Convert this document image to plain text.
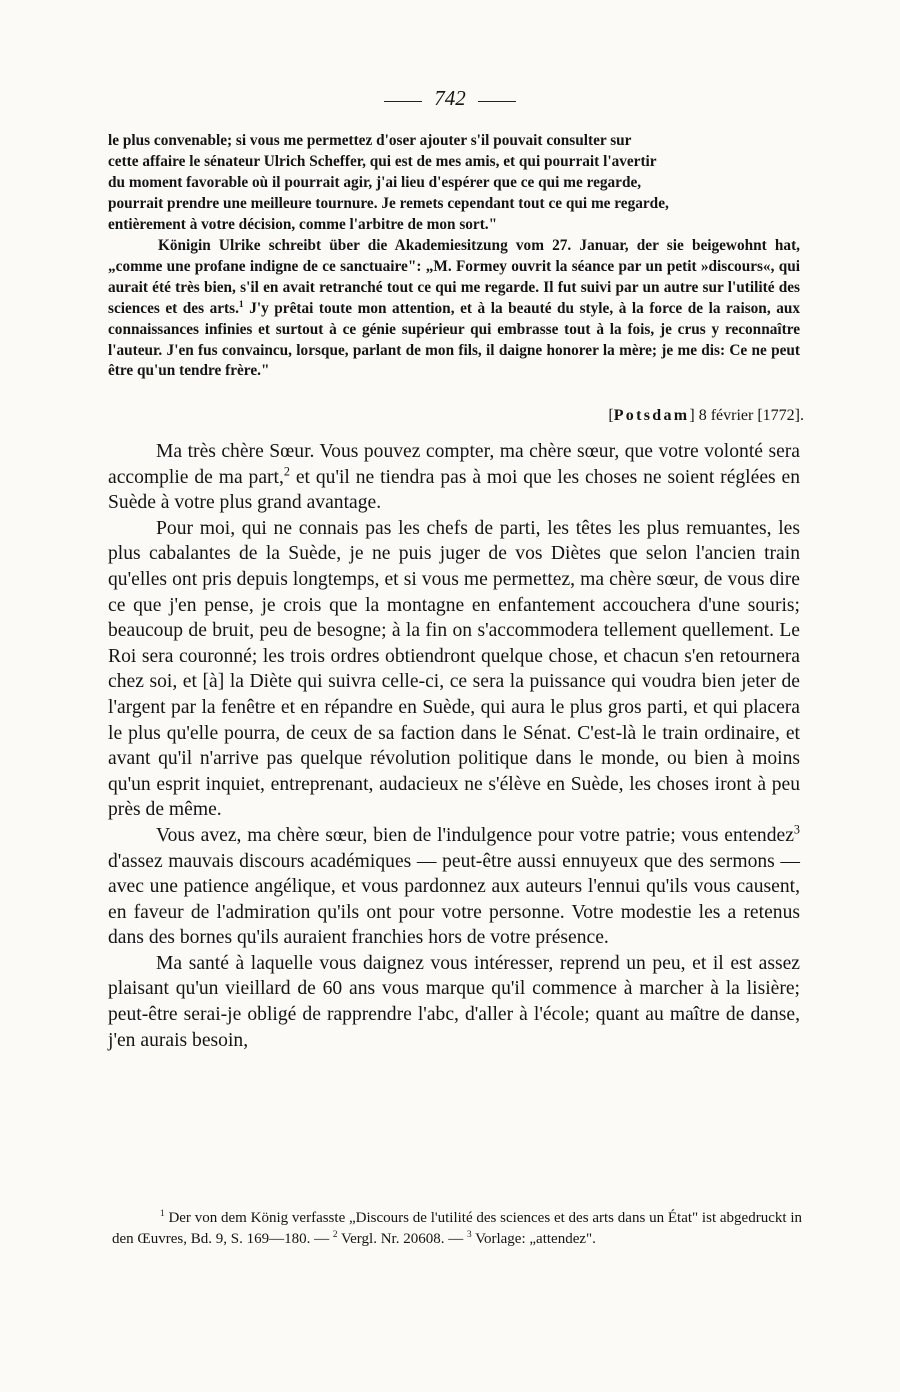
742
le plus convenable; si vous me permettez d'oser ajouter s'il pouvait consulter sur
cette affaire le sénateur Ulrich Scheffer, qui est de mes amis, et qui pourrait l'avertir
du moment favorable où il pourrait agir, j'ai lieu d'espérer que ce qui me regarde,
pourrait prendre une meilleure tournure. Je remets cependant tout ce qui me regarde,
entièrement à votre décision, comme l'arbitre de mon sort."

Königin Ulrike schreibt über die Akademiesitzung vom 27. Januar, der sie beigewohnt hat, „comme une profane indigne de ce sanctuaire": „M. Formey ouvrit la séance par un petit »discours«, qui aurait été très bien, s'il en avait retranché tout ce qui me regarde. Il fut suivi par un autre sur l'utilité des sciences et des arts.$^1$ J'y prêtai toute mon attention, et à la beauté du style, à la force de la raison, aux connaissances infinies et surtout à ce génie supérieur qui embrasse tout à la fois, je crus y reconnaître l'auteur. J'en fus convaincu, lorsque, parlant de mon fils, il daigne honorer la mère; je me dis: Ce ne peut être qu'un tendre frère."

[Potsdam] 8 février [1772].

Ma très chère Sœur. Vous pouvez compter, ma chère sœur, que votre volonté sera accomplie de ma part,$^2$ et qu'il ne tiendra pas à moi que les choses ne soient réglées en Suède à votre plus grand avantage.

Pour moi, qui ne connais pas les chefs de parti, les têtes les plus remuantes, les plus cabalantes de la Suède, je ne puis juger de vos Diètes que selon l'ancien train qu'elles ont pris depuis longtemps, et si vous me permettez, ma chère sœur, de vous dire ce que j'en pense, je crois que la montagne en enfantement accouchera d'une souris; beaucoup de bruit, peu de besogne; à la fin on s'accommodera tellement quellement. Le Roi sera couronné; les trois ordres obtiendront quelque chose, et chacun s'en retournera chez soi, et [à] la Diète qui suivra celle-ci, ce sera la puissance qui voudra bien jeter de l'argent par la fenêtre et en répandre en Suède, qui aura le plus gros parti, et qui placera le plus qu'elle pourra, de ceux de sa faction dans le Sénat. C'est-là le train ordinaire, et avant qu'il n'arrive pas quelque révolution politique dans le monde, ou bien à moins qu'un esprit inquiet, entreprenant, audacieux ne s'élève en Suède, les choses iront à peu près de même.

Vous avez, ma chère sœur, bien de l'indulgence pour votre patrie; vous entendez$^3$ d'assez mauvais discours académiques — peut-être aussi ennuyeux que des sermons — avec une patience angélique, et vous pardonnez aux auteurs l'ennui qu'ils vous causent, en faveur de l'admiration qu'ils ont pour votre personne. Votre modestie les a retenus dans des bornes qu'ils auraient franchies hors de votre présence.

Ma santé à laquelle vous daignez vous intéresser, reprend un peu, et il est assez plaisant qu'un vieillard de 60 ans vous marque qu'il commence à marcher à la lisière; peut-être serai-je obligé de rapprendre l'abc, d'aller à l'école; quant au maître de danse, j'en aurais besoin,

$^1$ Der von dem König verfasste „Discours de l'utilité des sciences et des arts dans un État" ist abgedruckt in den Œuvres, Bd. 9, S. 169—180. — $^2$ Vergl. Nr. 20608. — $^3$ Vorlage: „attendez".
